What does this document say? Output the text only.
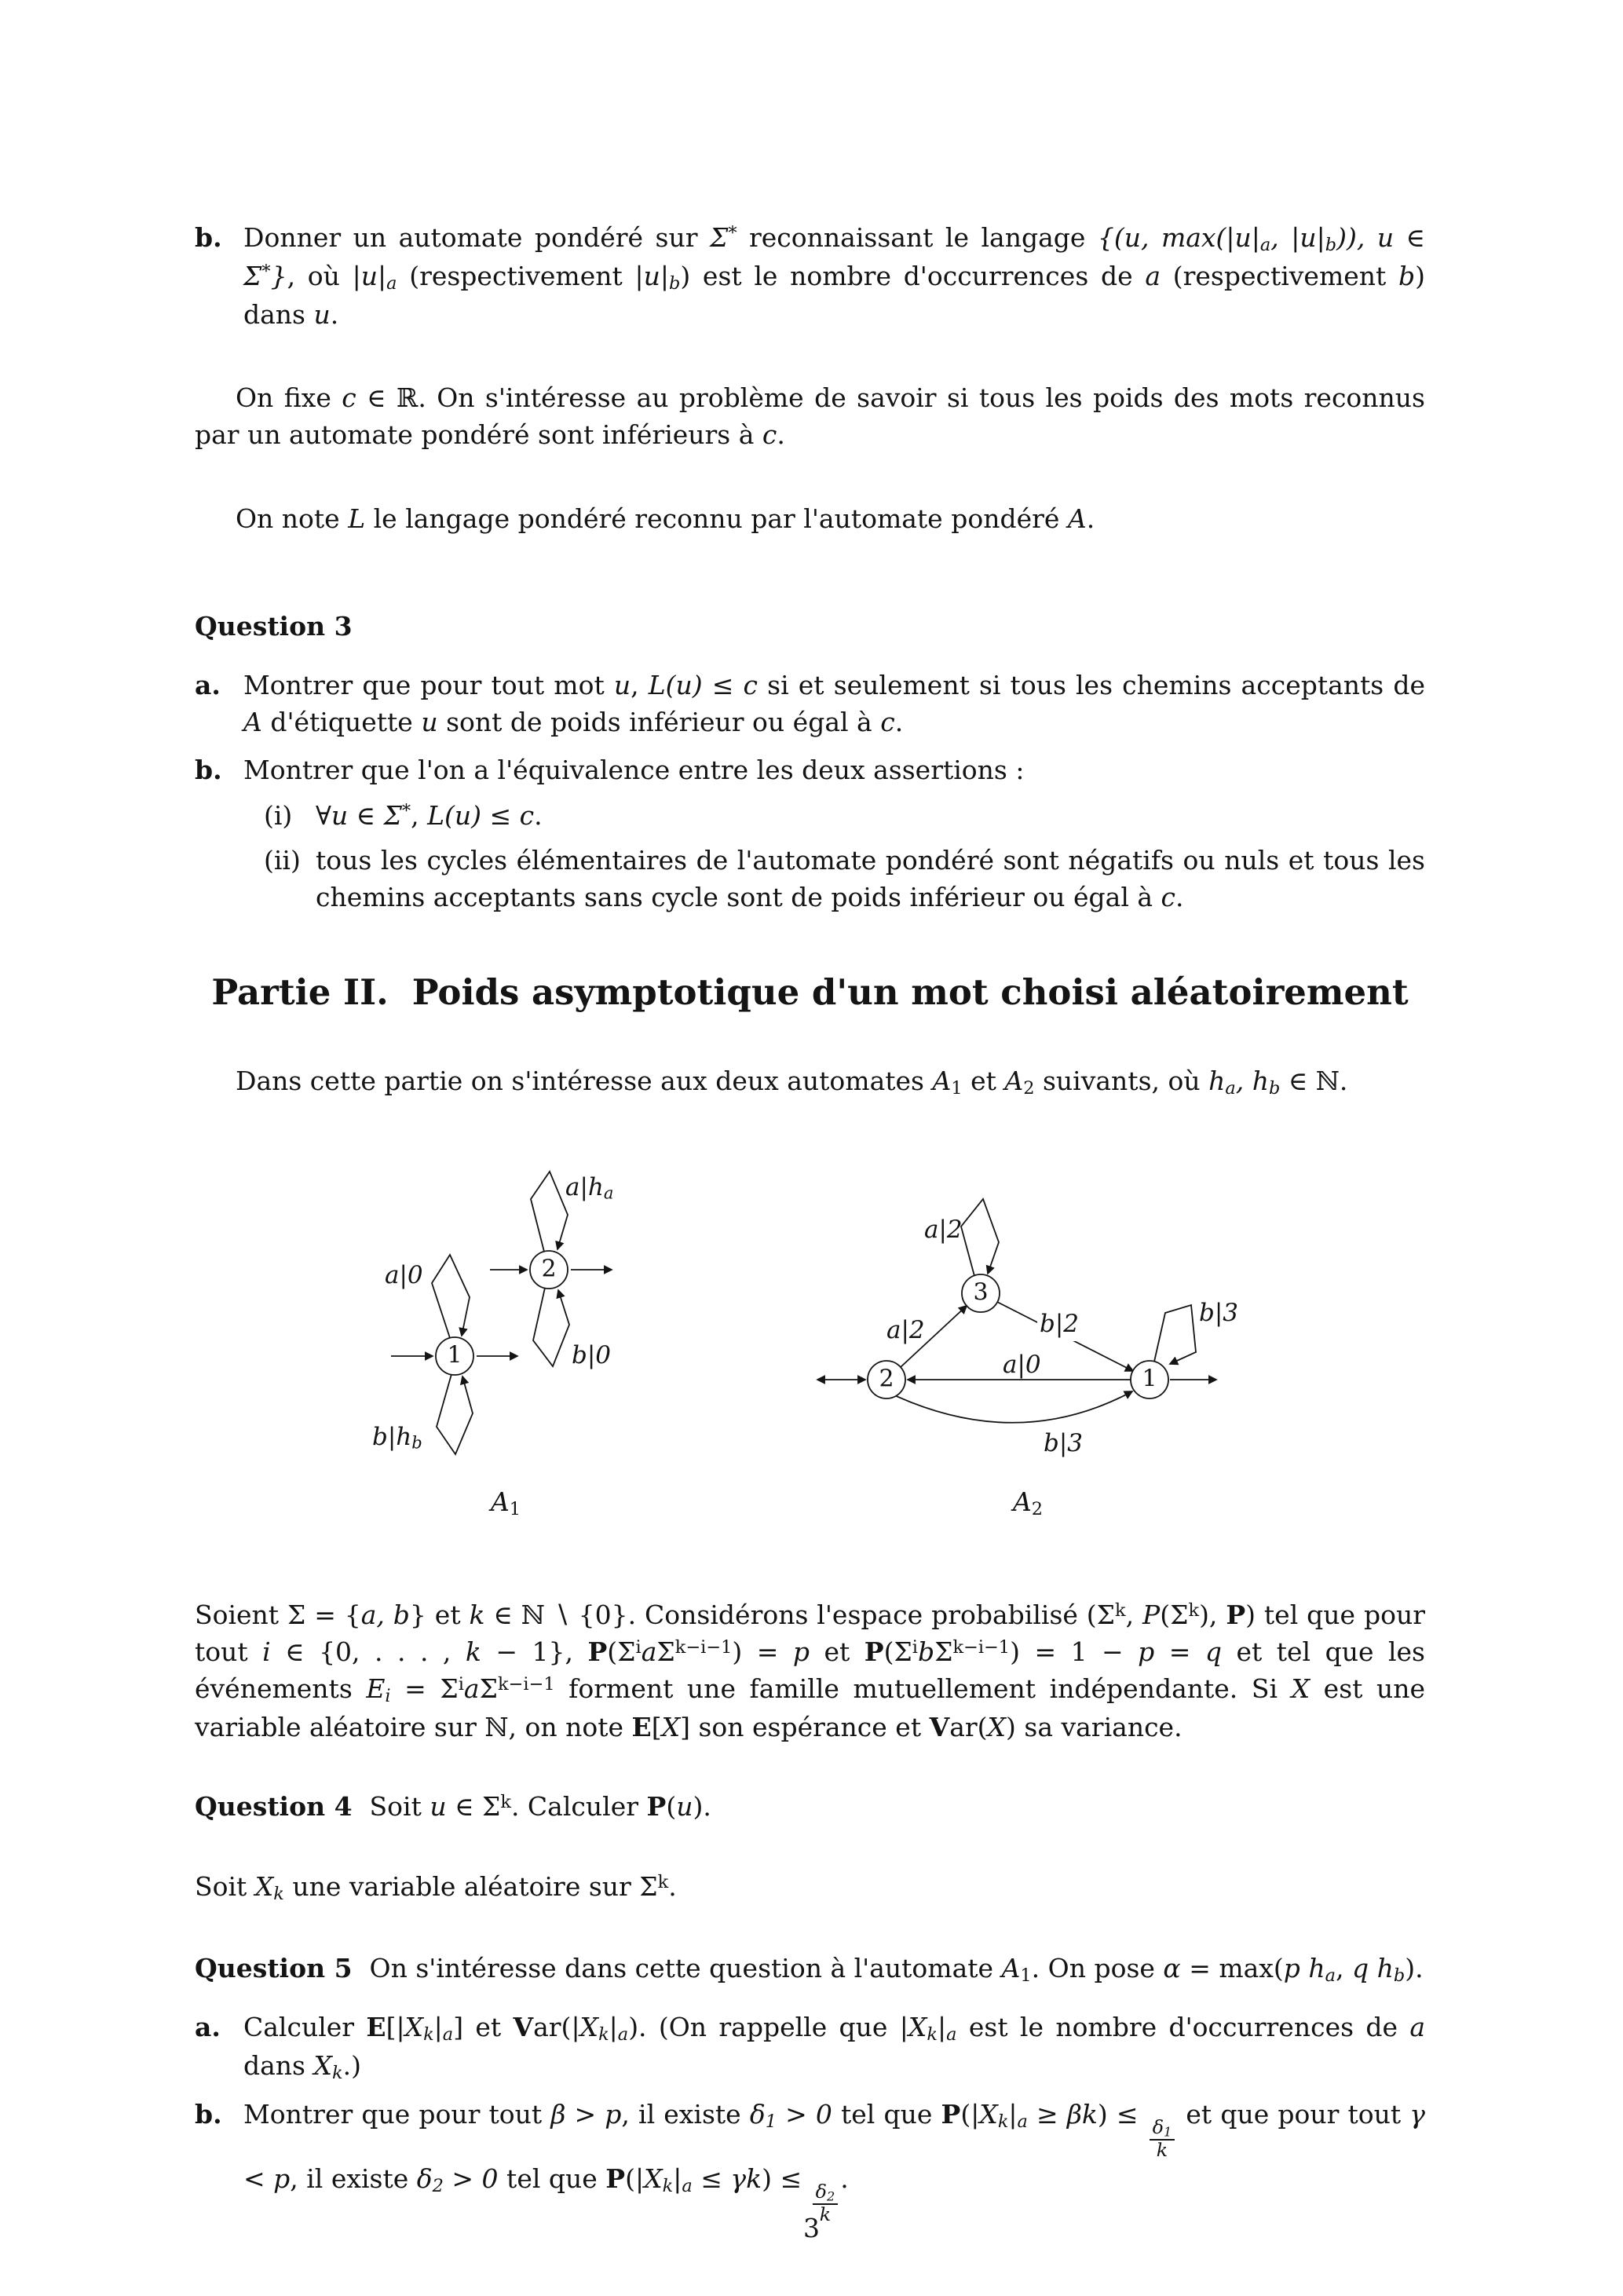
b. Donner un automate pondéré sur Σ* reconnaissant le langage {(u, $\max(|u|_a$, $|u|_b$)), u ∈ Σ*}, où $|u|_a$ (respectivement $|u|_b$) est le nombre d'occurrences de a (respectivement b) dans u.

On fixe c ∈ ℝ. On s'intéresse au problème de savoir si tous les poids des mots reconnus par un automate pondéré sont inférieurs à c.

On note L le langage pondéré reconnu par l'automate pondéré A.

Question 3
a. Montrer que pour tout mot u, L(u) ≤ c si et seulement si tous les chemins acceptants de A d'étiquette u sont de poids inférieur ou égal à c.
b. Montrer que l'on a l'équivalence entre les deux assertions :
(i) ∀u ∈ Σ*, L(u) ≤ c.
(ii) tous les cycles élémentaires de l'automate pondéré sont négatifs ou nuls et tous les chemins acceptants sans cycle sont de poids inférieur ou égal à c.
Partie II. Poids asymptotique d'un mot choisi aléatoirement

Dans cette partie on s'intéresse aux deux automates $A_1$ et $A_2$ suivants, où $h_a$, $h_b$ ∈ ℕ.

a|0
$b|h_b$
$a|h_a$
b|0
1
2
$A_1$
a|2
a|2
b|3
b|2
a|0
b|3
2
3
1
$A_2$

Soient Σ = {a, b} et k ∈ ℕ ∖ {0}. Considérons l'espace probabilisé ($\Sigma^k$, $P(\Sigma^k)$, P) tel que pour tout i ∈ {0, . . . , k − 1}, $P(\Sigma^ia\Sigma^{k-i-1}) = p$ et $P(\Sigma^ib\Sigma^{k-i-1}) = 1 - p = q$ et tel que les événements $E_i = \Sigma^ia\Sigma^{k-i-1}$ forment une famille mutuellement indépendante. Si X est une variable aléatoire sur ℕ, on note E[X] son espérance et Var(X) sa variance.

Question 4 Soit u ∈ $\Sigma^k$. Calculer P(u).

Soit $X_k$ une variable aléatoire sur $\Sigma^k$.

Question 5 On s'intéresse dans cette question à l'automate $A_1$. On pose α = max(p $h_a$, q $h_b$).

a. Calculer $E[|X_k|_a]$ et $Var(|X_k|_a)$. (On rappelle que $|X_k|_a$ est le nombre d'occurrences de a dans $X_k$.)
b. Montrer que pour tout β > p, il existe $\delta_1 > 0$ tel que $P(|X_k|_a \ge \beta k)$ ≤
$\frac{\delta_1}{k}$
et que pour tout γ < p, il existe $\delta_2 > 0$ tel que $P(|X_k|_a \le \gamma k)$ ≤
$\frac{\delta_2}{k}$
.
3
